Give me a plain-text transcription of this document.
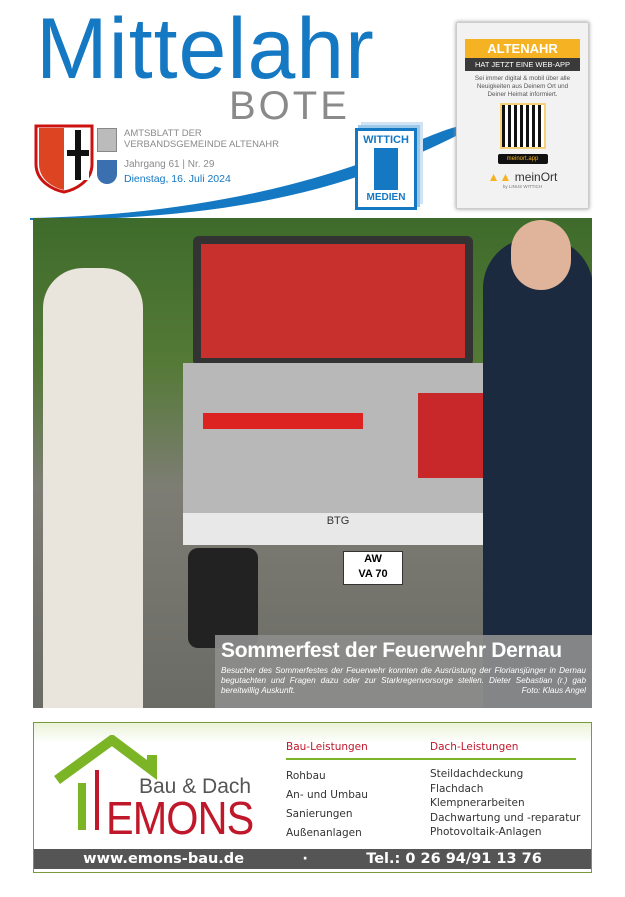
Mittelahr
BOTE
AMTSBLATT DER
VERBANDSGEMEINDE ALTENAHR
Jahrgang 61 | Nr. 29
Dienstag, 16. Juli 2024
BTG
AW
VA 70
Sommerfest der Feuerwehr Dernau
Besucher des Sommerfestes der Feuerwehr konnten die Ausrüstung der Floriansjünger in Dernau begutachten und Fragen dazu oder zur Starkregenvorsorge stellen. Dieter Sebastian (r.) gab bereitwillig Auskunft.	Foto: Klaus Angel
ALTENAHR
HAT JETZT EINE WEB-APP
Sei immer digital & mobil über alle Neuigkeiten aus Deinem Ort und Deiner Heimat informiert.
meinort.app
▲▲ meinOrt
by LINUS WITTICH
WITTICH
MEDIEN
Bau & Dach
EMONS
Bau-Leistungen
Rohbau
An- und Umbau
Sanierungen
Außenanlagen
Dach-Leistungen
Steildachdeckung
Flachdach
Klempnerarbeiten
Dachwartung und -reparatur
Photovoltaik-Anlagen
www.emons-bau.de	·	Tel.: 0 26 94/91 13 76
